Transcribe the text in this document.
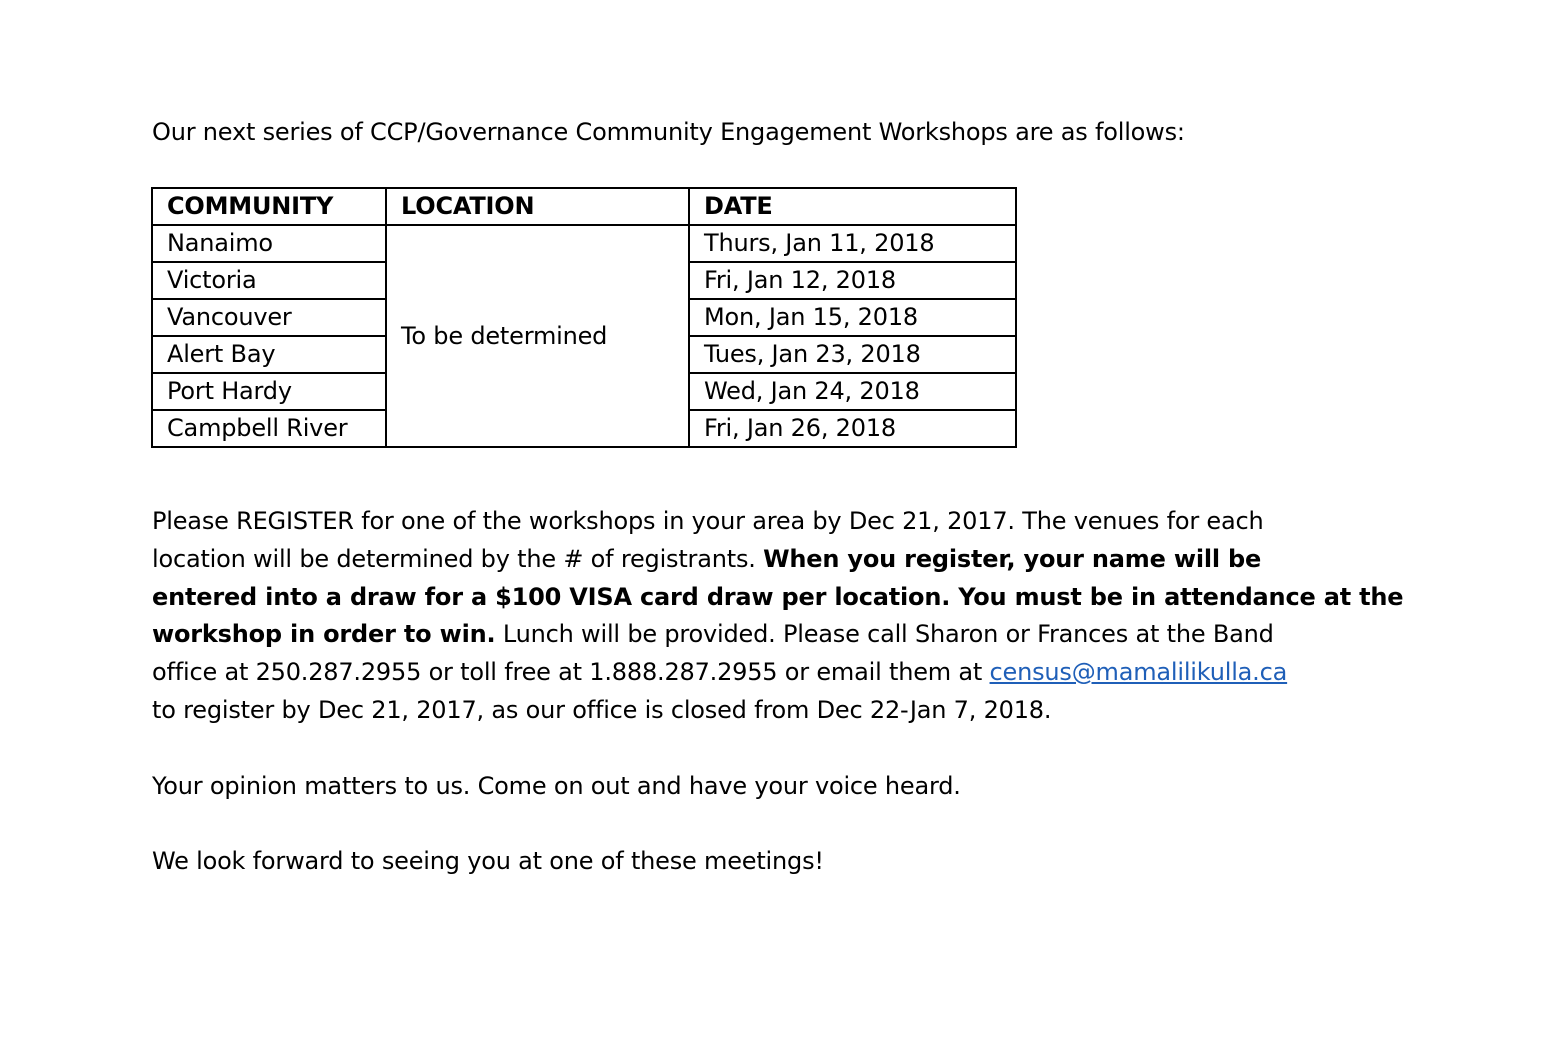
Our next series of CCP/Governance Community Engagement Workshops are as follows:

COMMUNITY	LOCATION	DATE
Nanaimo	To be determined	Thurs, Jan 11, 2018
Victoria		Fri, Jan 12, 2018
Vancouver		Mon, Jan 15, 2018
Alert Bay		Tues, Jan 23, 2018
Port Hardy		Wed, Jan 24, 2018
Campbell River		Fri, Jan 26, 2018
Please REGISTER for one of the workshops in your area by Dec 21, 2017. The venues for each
location will be determined by the # of registrants. When you register, your name will be
entered into a draw for a $100 VISA card draw per location. You must be in attendance at the
workshop in order to win. Lunch will be provided. Please call Sharon or Frances at the Band
office at 250.287.2955 or toll free at 1.888.287.2955 or email them at census@mamalilikulla.ca
to register by Dec 21, 2017, as our office is closed from Dec 22-Jan 7, 2018.

Your opinion matters to us. Come on out and have your voice heard.

We look forward to seeing you at one of these meetings!
